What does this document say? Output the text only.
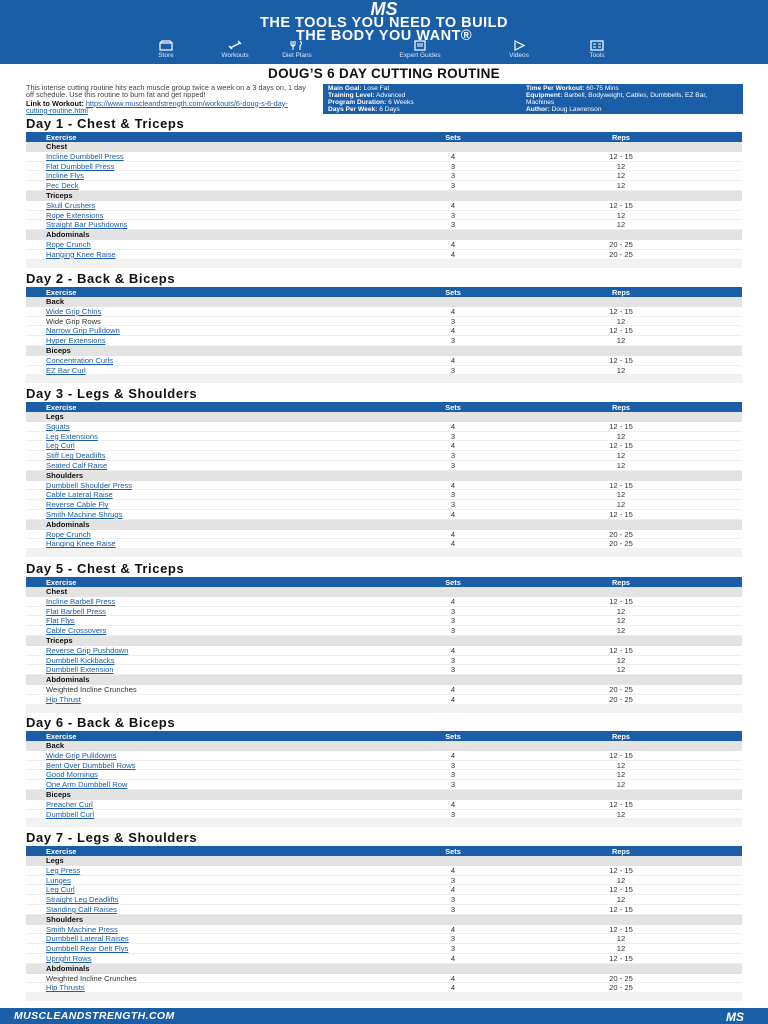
MS
THE TOOLS YOU NEED TO BUILD
THE BODY YOU WANT®
Store	Workouts	Diet Plans	Expert Guides	Videos	Tools
DOUG’S 6 DAY CUTTING ROUTINE
This intense cutting routine hits each muscle group twice a week on a 3 days on, 1 day off schedule. Use this routine to burn fat and get ripped!
Link to Workout: https://www.muscleandstrength.com/workouts/6-doug-s-6-day-cutting-routine.html
Main Goal: Lose Fat
Training Level: Advanced
Program Duration: 6 Weeks
Days Per Week: 6 Days
Time Per Workout: 60-75 Mins
Equipment: Barbell, Bodyweight, Cables, Dumbbells, EZ Bar, Machines
Author: Doug Lawrenson
Day 1 - Chest & Triceps
Exercise	Sets	Reps
Chest
Incline Dumbbell Press	4	12 - 15
Flat Dumbbell Press	3	12
Incline Flys	3	12
Pec Deck	3	12
Triceps
Skull Crushers	4	12 - 15
Rope Extensions	3	12
Straight Bar Pushdowns	3	12
Abdominals
Rope Crunch	4	20 - 25
Hanging Knee Raise	4	20 - 25
Day 2 - Back & Biceps
Exercise	Sets	Reps
Back
Wide Grip Chins	4	12 - 15
Wide Grip Rows	3	12
Narrow Grip Pulldown	4	12 - 15
Hyper Extensions	3	12
Biceps
Concentration Curls	4	12 - 15
EZ Bar Curl	3	12
Day 3 - Legs & Shoulders
Exercise	Sets	Reps
Legs
Squats	4	12 - 15
Leg Extensions	3	12
Leg Curl	4	12 - 15
Stiff Leg Deadlifts	3	12
Seated Calf Raise	3	12
Shoulders
Dumbbell Shoulder Press	4	12 - 15
Cable Lateral Raise	3	12
Reverse Cable Fly	3	12
Smith Machine Shrugs	4	12 - 15
Abdominals
Rope Crunch	4	20 - 25
Hanging Knee Raise	4	20 - 25
Day 5 - Chest & Triceps
Exercise	Sets	Reps
Chest
Incline Barbell Press	4	12 - 15
Flat Barbell Press	3	12
Flat Flys	3	12
Cable Crossovers	3	12
Triceps
Reverse Grip Pushdown	4	12 - 15
Dumbbell Kickbacks	3	12
Dumbbell Extension	3	12
Abdominals
Weighted Incline Crunches	4	20 - 25
Hip Thrust	4	20 - 25
Day 6 - Back & Biceps
Exercise	Sets	Reps
Back
Wide Grip Pulldowns	4	12 - 15
Bent Over Dumbbell Rows	3	12
Good Mornings	3	12
One Arm Dumbbell Row	3	12
Biceps
Preacher Curl	4	12 - 15
Dumbbell Curl	3	12
Day 7 - Legs & Shoulders
Exercise	Sets	Reps
Legs
Leg Press	4	12 - 15
Lunges	3	12
Leg Curl	4	12 - 15
Straight Leg Deadlifts	3	12
Standing Calf Raises	3	12 - 15
Shoulders
Smith Machine Press	4	12 - 15
Dumbbell Lateral Raises	3	12
Dumbbell Rear Delt Flys	3	12
Upright Rows	4	12 - 15
Abdominals
Weighted Incline Crunches	4	20 - 25
Hip Thrusts	4	20 - 25
MUSCLEANDSTRENGTH.COM	MS
